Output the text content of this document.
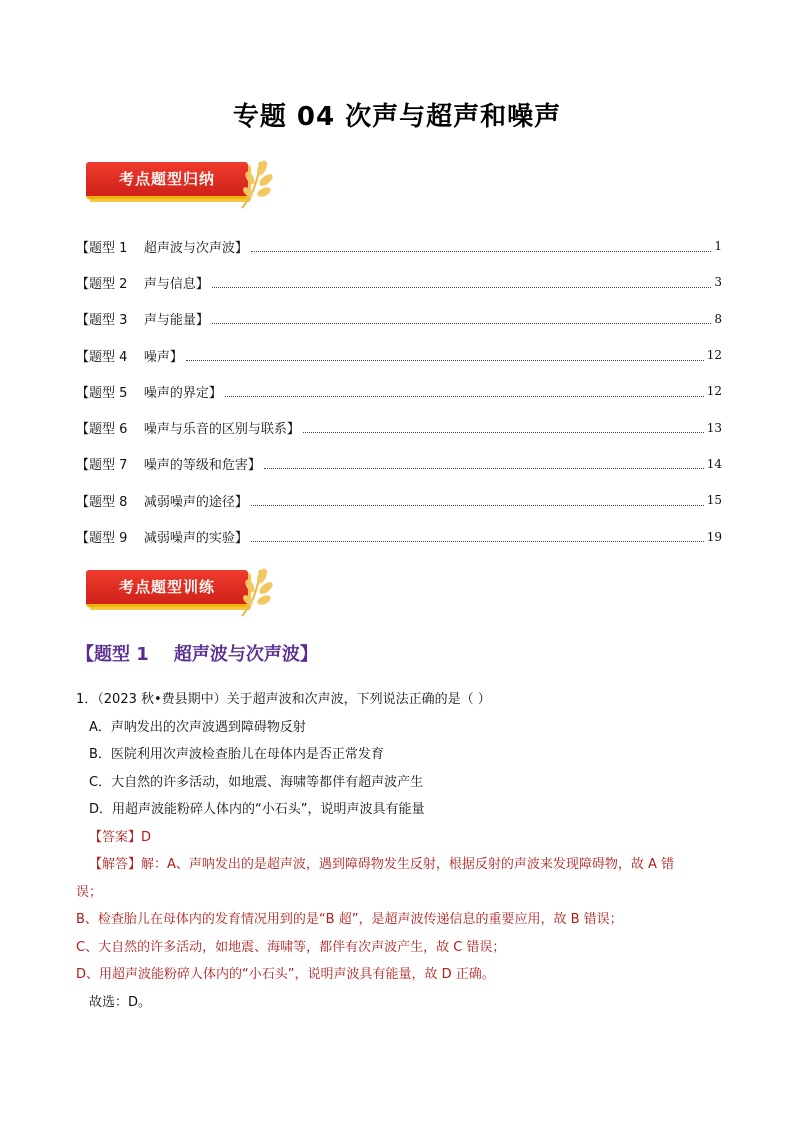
专题 04 次声与超声和噪声
考点题型归纳
【题型 1    超声波与次声波】	1
【题型 2    声与信息】	3
【题型 3    声与能量】	8
【题型 4    噪声】	12
【题型 5    噪声的界定】	12
【题型 6    噪声与乐音的区别与联系】	13
【题型 7    噪声的等级和危害】	14
【题型 8    减弱噪声的途径】	15
【题型 9    减弱噪声的实验】	19
考点题型训练
【题型 1    超声波与次声波】
1．（2023 秋•费县期中）关于超声波和次声波，下列说法正确的是（ ）
A．声呐发出的次声波遇到障碍物反射
B．医院利用次声波检查胎儿在母体内是否正常发育
C．大自然的许多活动，如地震、海啸等都伴有超声波产生
D．用超声波能粉碎人体内的“小石头”，说明声波具有能量
【答案】D
【解答】解：A、声呐发出的是超声波，遇到障碍物发生反射，根据反射的声波来发现障碍物，故 A 错
误；
B、检查胎儿在母体内的发育情况用到的是“B 超”，是超声波传递信息的重要应用，故 B 错误；
C、大自然的许多活动，如地震、海啸等，都伴有次声波产生，故 C 错误；
D、用超声波能粉碎人体内的“小石头”，说明声波具有能量，故 D 正确。
故选：D。
